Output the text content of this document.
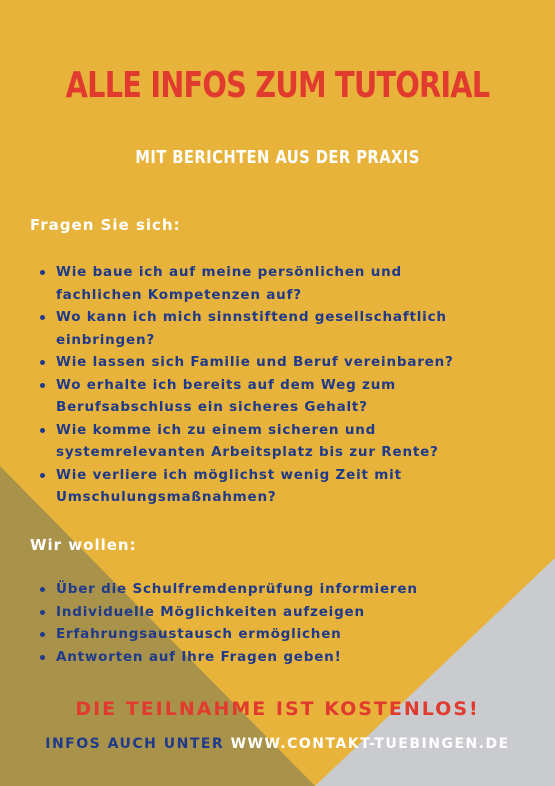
ALLE INFOS ZUM TUTORIAL
MIT BERICHTEN AUS DER PRAXIS
Fragen Sie sich:
Wie baue ich auf meine persönlichen und
fachlichen Kompetenzen auf?
Wo kann ich mich sinnstiftend gesellschaftlich
einbringen?
Wie lassen sich Familie und Beruf vereinbaren?
Wo erhalte ich bereits auf dem Weg zum
Berufsabschluss ein sicheres Gehalt?
Wie komme ich zu einem sicheren und
systemrelevanten Arbeitsplatz bis zur Rente?
Wie verliere ich möglichst wenig Zeit mit
Umschulungsmaßnahmen?
Wir wollen:
Über die Schulfremdenprüfung informieren
Individuelle Möglichkeiten aufzeigen
Erfahrungsaustausch ermöglichen
Antworten auf Ihre Fragen geben!
DIE TEILNAHME IST KOSTENLOS!
INFOS AUCH UNTER WWW.CONTAKT-TUEBINGEN.DE
